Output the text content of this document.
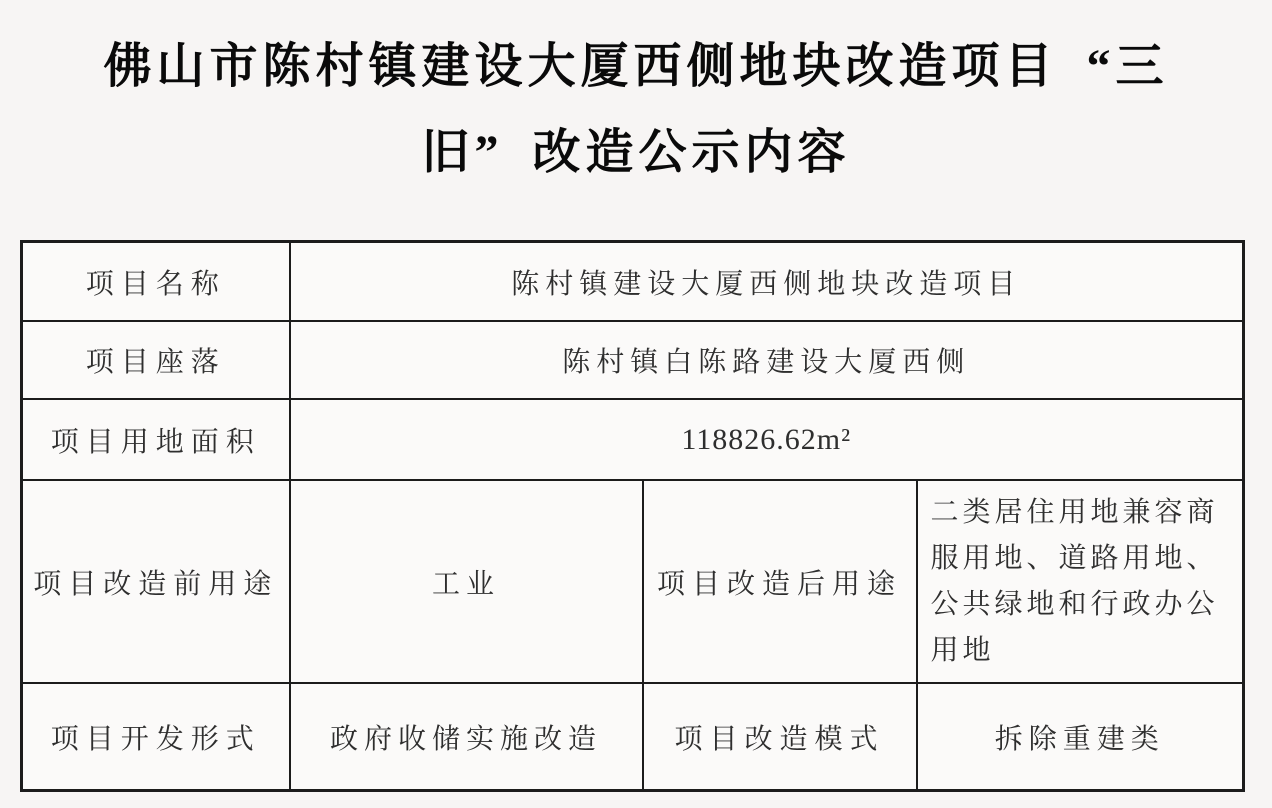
佛山市陈村镇建设大厦西侧地块改造项目 “三
旧” 改造公示内容
项目名称	陈村镇建设大厦西侧地块改造项目		
项目座落	陈村镇白陈路建设大厦西侧		
项目用地面积	118826.62m²		
项目改造前用途	工业	项目改造后用途	二类居住用地兼容商服用地、道路用地、公共绿地和行政办公用地
项目开发形式	政府收储实施改造	项目改造模式	拆除重建类
